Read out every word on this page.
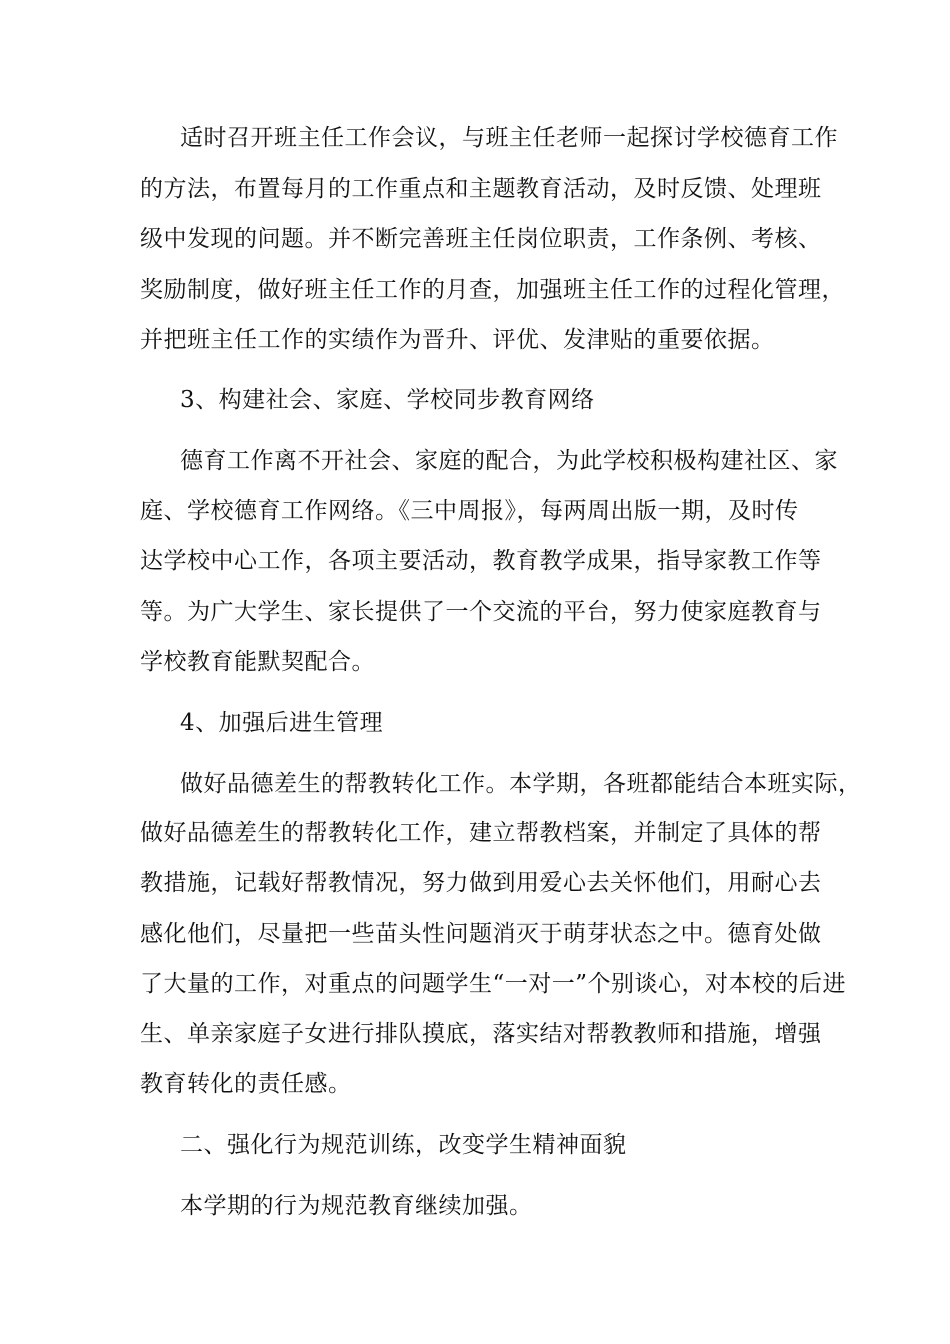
适时召开班主任工作会议，与班主任老师一起探讨学校德育工作
的方法，布置每月的工作重点和主题教育活动，及时反馈、处理班
级中发现的问题。并不断完善班主任岗位职责，工作条例、考核、
奖励制度，做好班主任工作的月查，加强班主任工作的过程化管理，
并把班主任工作的实绩作为晋升、评优、发津贴的重要依据。
3、构建社会、家庭、学校同步教育网络
德育工作离不开社会、家庭的配合，为此学校积极构建社区、家
庭、学校德育工作网络。《三中周报》，每两周出版一期，及时传
达学校中心工作，各项主要活动，教育教学成果，指导家教工作等
等。为广大学生、家长提供了一个交流的平台，努力使家庭教育与
学校教育能默契配合。
4、加强后进生管理
做好品德差生的帮教转化工作。本学期，各班都能结合本班实际，
做好品德差生的帮教转化工作，建立帮教档案，并制定了具体的帮
教措施，记载好帮教情况，努力做到用爱心去关怀他们，用耐心去
感化他们，尽量把一些苗头性问题消灭于萌芽状态之中。德育处做
了大量的工作，对重点的问题学生“一对一”个别谈心，对本校的后进
生、单亲家庭子女进行排队摸底，落实结对帮教教师和措施，增强
教育转化的责任感。
二、强化行为规范训练，改变学生精神面貌
本学期的行为规范教育继续加强。
